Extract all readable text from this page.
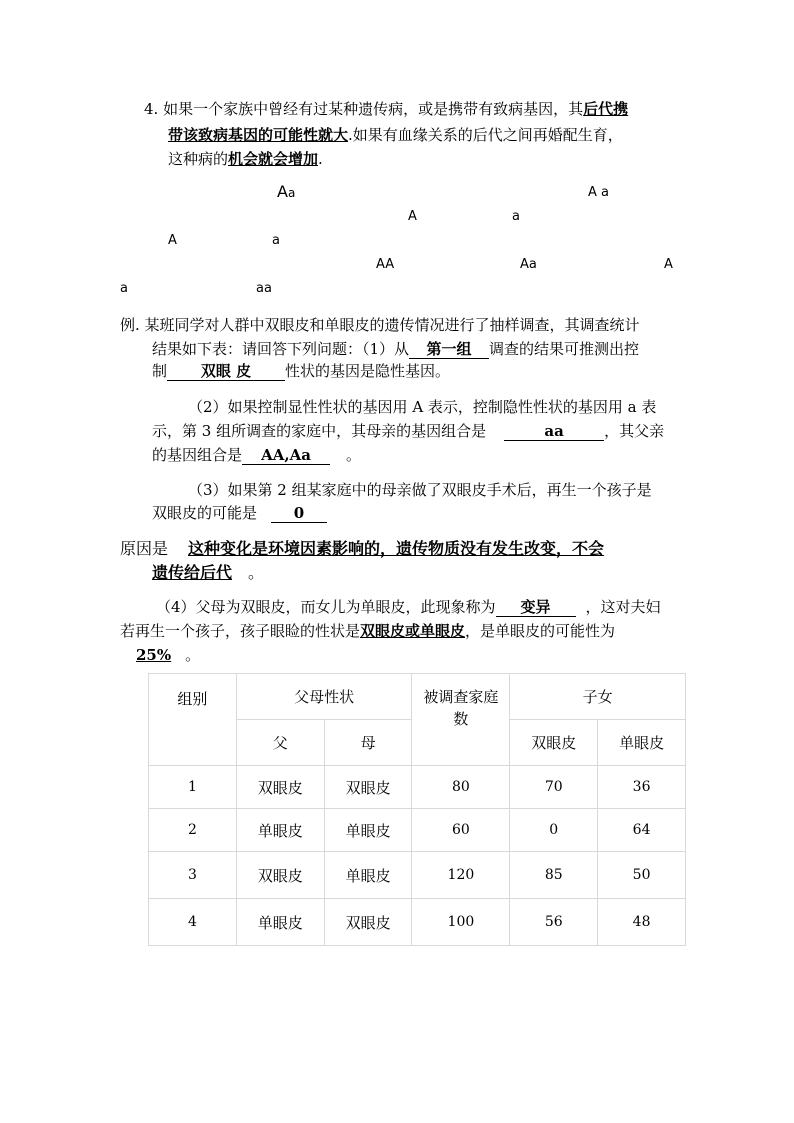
4. 如果一个家族中曾经有过某种遗传病，或是携带有致病基因，其后代携
带该致病基因的可能性就大.如果有血缘关系的后代之间再婚配生育，
这种病的机会就会增加.
Aa	A a
A	a
A	a
AA	Aa	A
a	aa
例. 某班同学对人群中双眼皮和单眼皮的遗传情况进行了抽样调查，其调查统计
结果如下表：请回答下列问题：（1）从 第一组 调查的结果可推测出控
制 双眼 皮 性状的基因是隐性基因。
（2）如果控制显性性状的基因用 A 表示，控制隐性性状的基因用 a 表
示，第 3 组所调查的家庭中，其母亲的基因组合是	aa	，其父亲
的基因组合是 AA,Aa 。
（3）如果第 2 组某家庭中的母亲做了双眼皮手术后，再生一个孩子是
双眼皮的可能是 0
原因是 这种变化是环境因素影响的，遗传物质没有发生改变，不会
遗传给后代 。
（4）父母为双眼皮，而女儿为单眼皮，此现象称为 变异 ，这对夫妇
若再生一个孩子，孩子眼睑的性状是双眼皮或单眼皮，是单眼皮的可能性为
25% 。
组别	父母性状		被调查家庭数	子女	
	父	母		双眼皮	单眼皮
1	双眼皮	双眼皮	80	70	36
2	单眼皮	单眼皮	60	0	64
3	双眼皮	单眼皮	120	85	50
4	单眼皮	双眼皮	100	56	48
